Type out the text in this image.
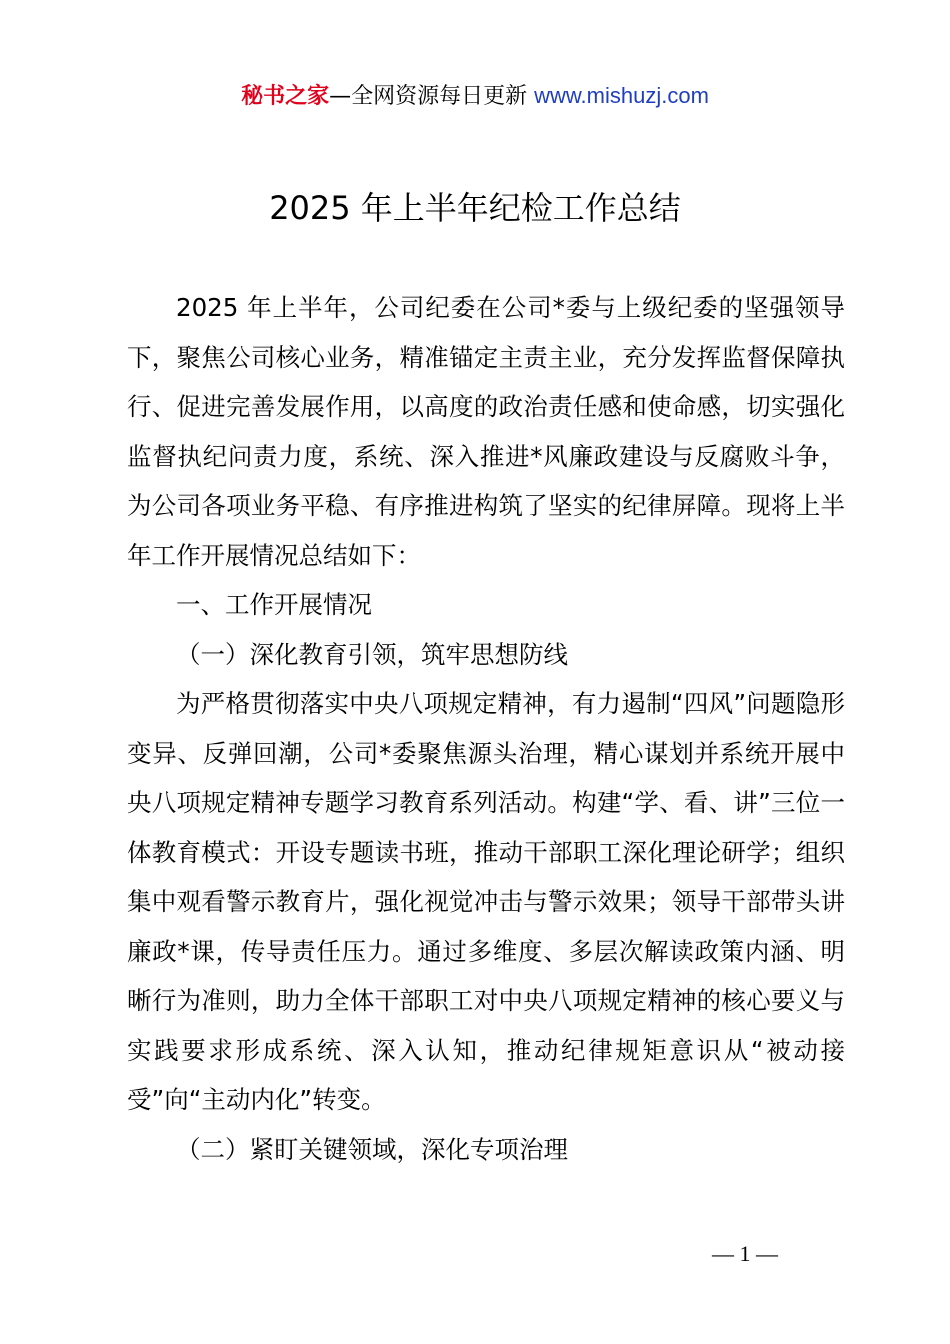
秘书之家—全网资源每日更新 www.mishuzj.com
2025 年上半年纪检工作总结

2025 年上半年，公司纪委在公司*委与上级纪委的坚强领导下，聚焦公司核心业务，精准锚定主责主业，充分发挥监督保障执行、促进完善发展作用，以高度的政治责任感和使命感，切实强化监督执纪问责力度，系统、深入推进*风廉政建设与反腐败斗争，为公司各项业务平稳、有序推进构筑了坚实的纪律屏障。现将上半年工作开展情况总结如下：

一、工作开展情况

（一）深化教育引领，筑牢思想防线

为严格贯彻落实中央八项规定精神，有力遏制“四风”问题隐形变异、反弹回潮，公司*委聚焦源头治理，精心谋划并系统开展中央八项规定精神专题学习教育系列活动。构建“学、看、讲”三位一体教育模式：开设专题读书班，推动干部职工深化理论研学；组织集中观看警示教育片，强化视觉冲击与警示效果；领导干部带头讲廉政*课，传导责任压力。通过多维度、多层次解读政策内涵、明晰行为准则，助力全体干部职工对中央八项规定精神的核心要义与实践要求形成系统、深入认知，推动纪律规矩意识从“被动接受”向“主动内化”转变。

（二）紧盯关键领域，深化专项治理

— 1 —
